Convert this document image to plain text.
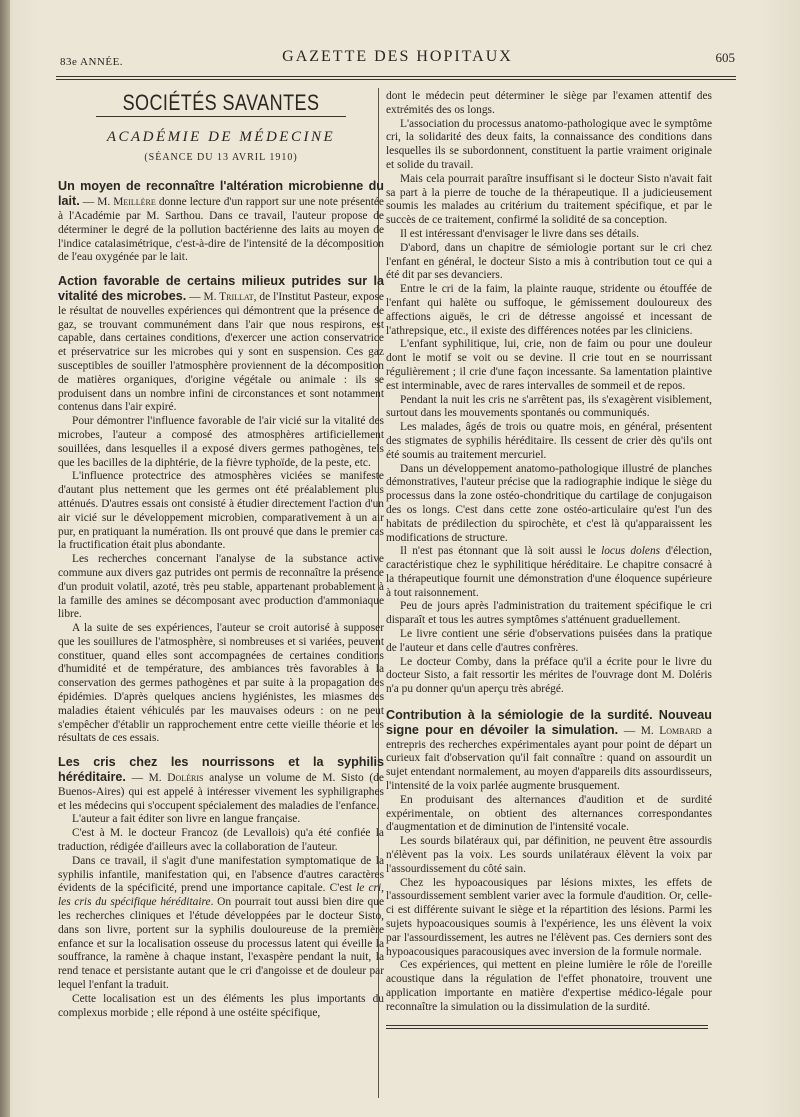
83e ANNÉE.	GAZETTE DES HOPITAUX	605
SOCIÉTÉS SAVANTES
ACADÉMIE DE MÉDECINE
(SÉANCE DU 13 AVRIL 1910)

Un moyen de reconnaître l'altération microbienne du lait. — M. Meillère donne lecture d'un rapport sur une note présentée à l'Académie par M. Sarthou. Dans ce travail, l'auteur propose de déterminer le degré de la pollution bactérienne des laits au moyen de l'indice catalasimétrique, c'est-à-dire de l'intensité de la décomposition de l'eau oxygénée par le lait.

Action favorable de certains milieux putrides sur la vitalité des microbes. — M. Trillat, de l'Institut Pasteur, expose le résultat de nouvelles expériences qui démontrent que la présence de gaz, se trouvant communément dans l'air que nous respirons, est capable, dans certaines conditions, d'exercer une action conservatrice et préservatrice sur les microbes qui y sont en suspension. Ces gaz susceptibles de souiller l'atmosphère proviennent de la décomposition de matières organiques, d'origine végétale ou animale : ils se produisent dans un nombre infini de circonstances et sont notamment contenus dans l'air expiré.

Pour démontrer l'influence favorable de l'air vicié sur la vitalité des microbes, l'auteur a composé des atmosphères artificiellement souillées, dans lesquelles il a exposé divers germes pathogènes, tels que les bacilles de la diphtérie, de la fièvre typhoïde, de la peste, etc.

L'influence protectrice des atmosphères viciées se manifeste d'autant plus nettement que les germes ont été préalablement plus atténués. D'autres essais ont consisté à étudier directement l'action d'un air vicié sur le développement microbien, comparativement à un air pur, en pratiquant la numération. Ils ont prouvé que dans le premier cas la fructification était plus abondante.

Les recherches concernant l'analyse de la substance active commune aux divers gaz putrides ont permis de reconnaître la présence d'un produit volatil, azoté, très peu stable, appartenant probablement à la famille des amines se décomposant avec production d'ammoniaque libre.

A la suite de ses expériences, l'auteur se croit autorisé à supposer que les souillures de l'atmosphère, si nombreuses et si variées, peuvent constituer, quand elles sont accompagnées de certaines conditions d'humidité et de température, des ambiances très favorables à la conservation des germes pathogènes et par suite à la propagation des épidémies. D'après quelques anciens hygiénistes, les miasmes des maladies étaient véhiculés par les mauvaises odeurs : on ne peut s'empêcher d'établir un rapprochement entre cette vieille théorie et les résultats de ces essais.

Les cris chez les nourrissons et la syphilis héréditaire. — M. Doléris analyse un volume de M. Sisto (de Buenos-Aires) qui est appelé à intéresser vivement les syphiligraphes et les médecins qui s'occupent spécialement des maladies de l'enfance.

L'auteur a fait éditer son livre en langue française.

C'est à M. le docteur Francoz (de Levallois) qu'a été confiée la traduction, rédigée d'ailleurs avec la collaboration de l'auteur.

Dans ce travail, il s'agit d'une manifestation symptomatique de la syphilis infantile, manifestation qui, en l'absence d'autres caractères évidents de la spécificité, prend une importance capitale. C'est le cri, les cris du spécifique héréditaire. On pourrait tout aussi bien dire que les recherches cliniques et l'étude développées par le docteur Sisto, dans son livre, portent sur la syphilis douloureuse de la première enfance et sur la localisation osseuse du processus latent qui éveille la souffrance, la ramène à chaque instant, l'exaspère pendant la nuit, la rend tenace et persistante autant que le cri d'angoisse et de douleur par lequel l'enfant la traduit.

Cette localisation est un des éléments les plus importants du complexus morbide ; elle répond à une ostéite spécifique,

dont le médecin peut déterminer le siège par l'examen attentif des extrémités des os longs.

L'association du processus anatomo-pathologique avec le symptôme cri, la solidarité des deux faits, la connaissance des conditions dans lesquelles ils se subordonnent, constituent la partie vraiment originale et solide du travail.

Mais cela pourrait paraître insuffisant si le docteur Sisto n'avait fait sa part à la pierre de touche de la thérapeutique. Il a judicieusement soumis les malades au critérium du traitement spécifique, et par le succès de ce traitement, confirmé la solidité de sa conception.

Il est intéressant d'envisager le livre dans ses détails.

D'abord, dans un chapitre de sémiologie portant sur le cri chez l'enfant en général, le docteur Sisto a mis à contribution tout ce qui a été dit par ses devanciers.

Entre le cri de la faim, la plainte rauque, stridente ou étouffée de l'enfant qui halète ou suffoque, le gémissement douloureux des affections aiguës, le cri de détresse angoissé et incessant de l'athrepsique, etc., il existe des différences notées par les cliniciens.

L'enfant syphilitique, lui, crie, non de faim ou pour une douleur dont le motif se voit ou se devine. Il crie tout en se nourrissant régulièrement ; il crie d'une façon incessante. Sa lamentation plaintive est interminable, avec de rares intervalles de sommeil et de repos.

Pendant la nuit les cris ne s'arrêtent pas, ils s'exagèrent visiblement, surtout dans les mouvements spontanés ou communiqués.

Les malades, âgés de trois ou quatre mois, en général, présentent des stigmates de syphilis héréditaire. Ils cessent de crier dès qu'ils ont été soumis au traitement mercuriel.

Dans un développement anatomo-pathologique illustré de planches démonstratives, l'auteur précise que la radiographie indique le siège du processus dans la zone ostéo-chondritique du cartilage de conjugaison des os longs. C'est dans cette zone ostéo-articulaire qu'est l'un des habitats de prédilection du spirochète, et c'est là qu'apparaissent les modifications de structure.

Il n'est pas étonnant que là soit aussi le locus dolens d'élection, caractéristique chez le syphilitique héréditaire. Le chapitre consacré à la thérapeutique fournit une démonstration d'une éloquence supérieure à tout raisonnement.

Peu de jours après l'administration du traitement spécifique le cri disparaît et tous les autres symptômes s'atténuent graduellement.

Le livre contient une série d'observations puisées dans la pratique de l'auteur et dans celle d'autres confrères.

Le docteur Comby, dans la préface qu'il a écrite pour le livre du docteur Sisto, a fait ressortir les mérites de l'ouvrage dont M. Doléris n'a pu donner qu'un aperçu très abrégé.

Contribution à la sémiologie de la surdité. Nouveau signe pour en dévoiler la simulation. — M. Lombard a entrepris des recherches expérimentales ayant pour point de départ un curieux fait d'observation qu'il fait connaître : quand on assourdit un sujet entendant normalement, au moyen d'appareils dits assourdisseurs, l'intensité de la voix parlée augmente brusquement.

En produisant des alternances d'audition et de surdité expérimentale, on obtient des alternances correspondantes d'augmentation et de diminution de l'intensité vocale.

Les sourds bilatéraux qui, par définition, ne peuvent être assourdis n'élèvent pas la voix. Les sourds unilatéraux élèvent la voix par l'assourdissement du côté sain.

Chez les hypoacousiques par lésions mixtes, les effets de l'assourdissement semblent varier avec la formule d'audition. Or, celle-ci est différente suivant le siège et la répartition des lésions. Parmi les sujets hypoacousiques soumis à l'expérience, les uns élèvent la voix par l'assourdissement, les autres ne l'élèvent pas. Ces derniers sont des hypoacousiques paracousiques avec inversion de la formule normale.

Ces expériences, qui mettent en pleine lumière le rôle de l'oreille acoustique dans la régulation de l'effet phonatoire, trouvent une application importante en matière d'expertise médico-légale pour reconnaître la simulation ou la dissimulation de la surdité.
